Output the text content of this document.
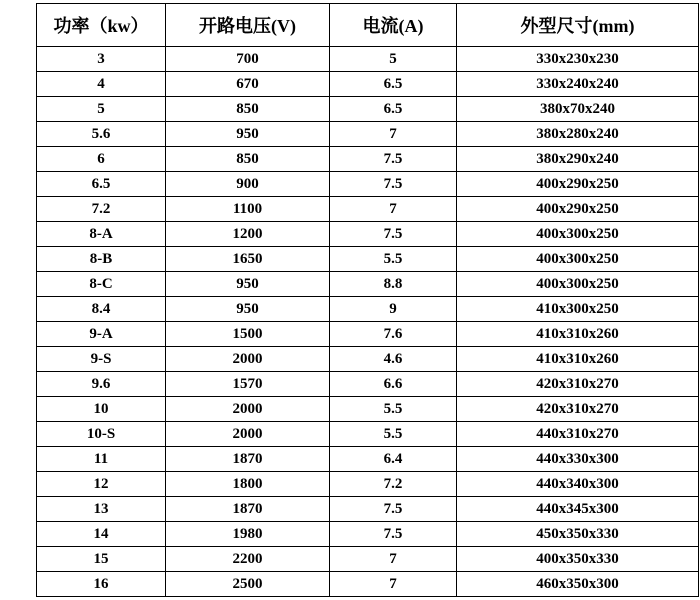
功率（kw）	开路电压(V)	电流(A)	外型尺寸(mm)
3	700	5	330x230x230
4	670	6.5	330x240x240
5	850	6.5	380x70x240
5.6	950	7	380x280x240
6	850	7.5	380x290x240
6.5	900	7.5	400x290x250
7.2	1100	7	400x290x250
8-A	1200	7.5	400x300x250
8-B	1650	5.5	400x300x250
8-C	950	8.8	400x300x250
8.4	950	9	410x300x250
9-A	1500	7.6	410x310x260
9-S	2000	4.6	410x310x260
9.6	1570	6.6	420x310x270
10	2000	5.5	420x310x270
10-S	2000	5.5	440x310x270
11	1870	6.4	440x330x300
12	1800	7.2	440x340x300
13	1870	7.5	440x345x300
14	1980	7.5	450x350x330
15	2200	7	400x350x330
16	2500	7	460x350x300
